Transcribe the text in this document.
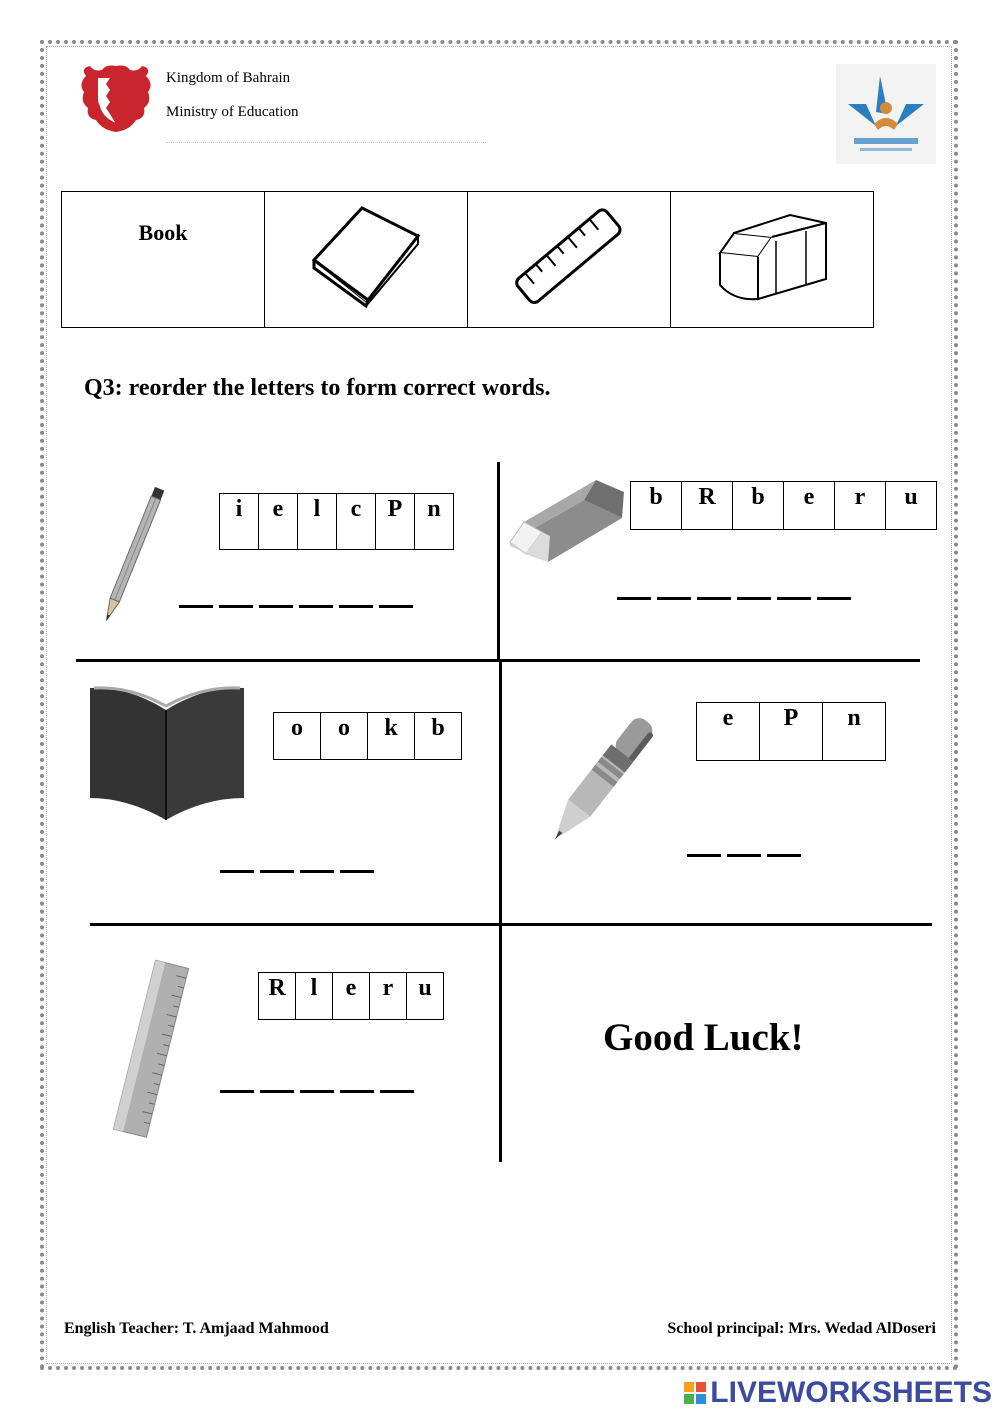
Kingdom of Bahrain
Ministry of Education
Book

Q3: reorder the letters to form correct words.
i	e	l	c	P	n	b	R	b	e	r	u
o	o	k	b	e	P	n
R	l	e	r	u
Good Luck!
English Teacher: T. Amjaad Mahmood	School principal: Mrs. Wedad AlDoseri
LIVEWORKSHEETS
